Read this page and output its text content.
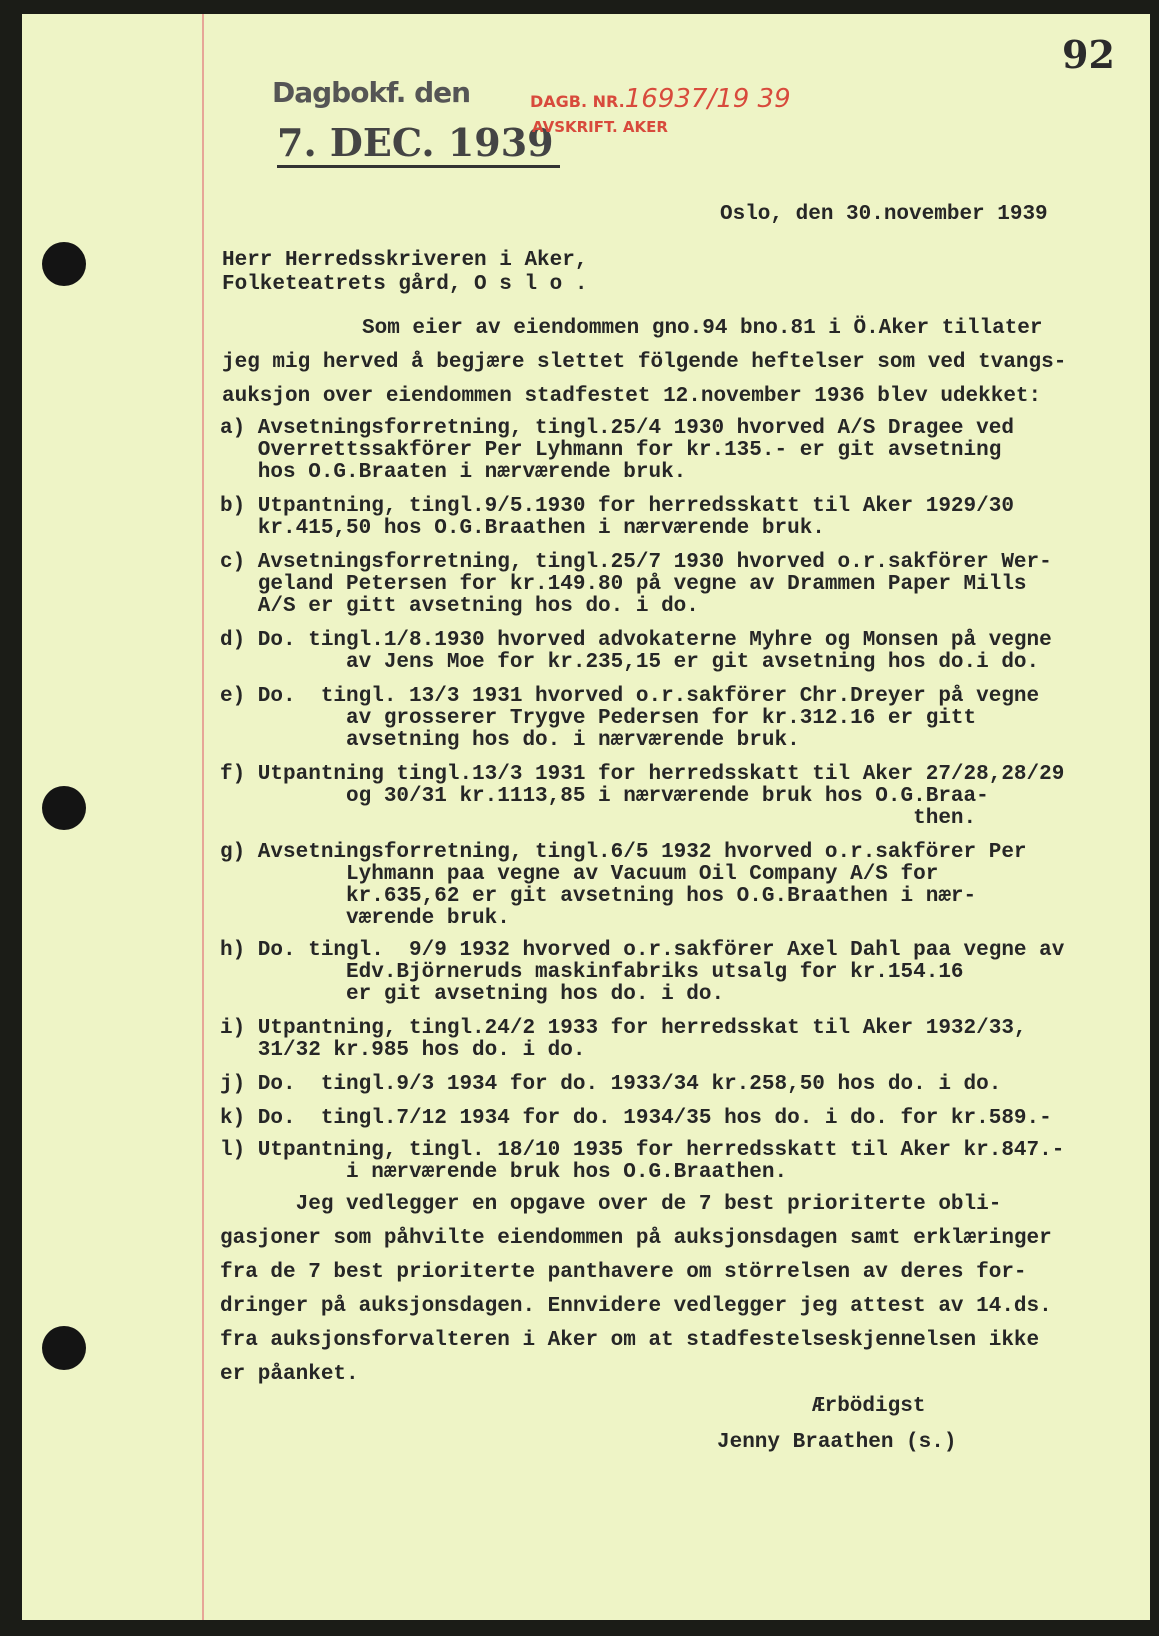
92
Dagbokf. den
7. DEC. 1939
DAGB. NR.16937/19 39
AVSKRIFT. AKER
Oslo, den 30.november 1939
Herr Herredsskriveren i Aker,
Folketeatrets gård, O s l o .
Som eier av eiendommen gno.94 bno.81 i Ö.Aker tillater
jeg mig herved å begjære slettet fölgende heftelser som ved tvangs-
auksjon over eiendommen stadfestet 12.november 1936 blev udekket:
a) Avsetningsforretning, tingl.25/4 1930 hvorved A/S Dragee ved
Overrettssakförer Per Lyhmann for kr.135.- er git avsetning
hos O.G.Braaten i nærværende bruk.
b) Utpantning, tingl.9/5.1930 for herredsskatt til Aker 1929/30
kr.415,50 hos O.G.Braathen i nærværende bruk.
c) Avsetningsforretning, tingl.25/7 1930 hvorved o.r.sakförer Wer-
geland Petersen for kr.149.80 på vegne av Drammen Paper Mills
A/S er gitt avsetning hos do. i do.
d) Do. tingl.1/8.1930 hvorved advokaterne Myhre og Monsen på vegne
av Jens Moe for kr.235,15 er git avsetning hos do.i do.
e) Do.  tingl. 13/3 1931 hvorved o.r.sakförer Chr.Dreyer på vegne
av grosserer Trygve Pedersen for kr.312.16 er gitt
avsetning hos do. i nærværende bruk.
f) Utpantning tingl.13/3 1931 for herredsskatt til Aker 27/28,28/29
og 30/31 kr.1113,85 i nærværende bruk hos O.G.Braa-
then.
g) Avsetningsforretning, tingl.6/5 1932 hvorved o.r.sakförer Per
Lyhmann paa vegne av Vacuum Oil Company A/S for
kr.635,62 er git avsetning hos O.G.Braathen i nær-
værende bruk.
h) Do. tingl.  9/9 1932 hvorved o.r.sakförer Axel Dahl paa vegne av
Edv.Björneruds maskinfabriks utsalg for kr.154.16
er git avsetning hos do. i do.
i) Utpantning, tingl.24/2 1933 for herredsskat til Aker 1932/33,
31/32 kr.985 hos do. i do.
j) Do.  tingl.9/3 1934 for do. 1933/34 kr.258,50 hos do. i do.
k) Do.  tingl.7/12 1934 for do. 1934/35 hos do. i do. for kr.589.-
l) Utpantning, tingl. 18/10 1935 for herredsskatt til Aker kr.847.-
i nærværende bruk hos O.G.Braathen.
Jeg vedlegger en opgave over de 7 best prioriterte obli-
gasjoner som påhvilte eiendommen på auksjonsdagen samt erklæringer
fra de 7 best prioriterte panthavere om störrelsen av deres for-
dringer på auksjonsdagen. Ennvidere vedlegger jeg attest av 14.ds.
fra auksjonsforvalteren i Aker om at stadfestelseskjennelsen ikke
er påanket.
Ærbödigst
Jenny Braathen (s.)
